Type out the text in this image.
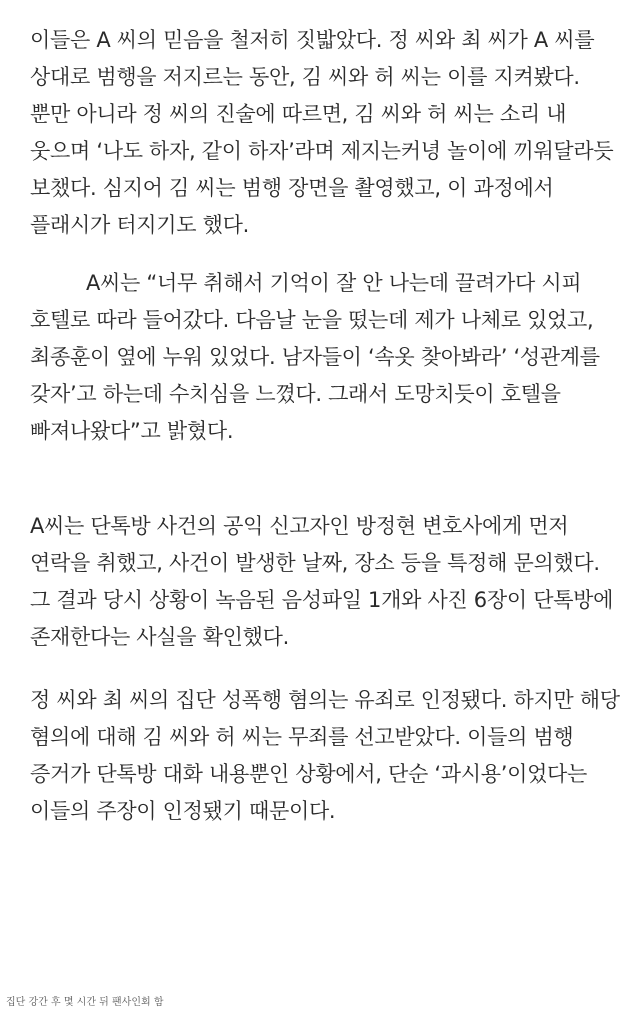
이들은 A 씨의 믿음을 철저히 짓밟았다. 정 씨와 최 씨가 A 씨를 상대로 범행을 저지르는 동안, 김 씨와 허 씨는 이를 지켜봤다. 뿐만 아니라 정 씨의 진술에 따르면, 김 씨와 허 씨는 소리 내 웃으며 ‘나도 하자, 같이 하자’라며 제지는커녕 놀이에 끼워달라듯 보챘다. 심지어 김 씨는 범행 장면을 촬영했고, 이 과정에서 플래시가 터지기도 했다.

A씨는 “너무 취해서 기억이 잘 안 나는데 끌려가다 시피 호텔로 따라 들어갔다. 다음날 눈을 떴는데 제가 나체로 있었고, 최종훈이 옆에 누워 있었다. 남자들이 ‘속옷 찾아봐라’ ‘성관계를 갖자’고 하는데 수치심을 느꼈다. 그래서 도망치듯이 호텔을 빠져나왔다”고 밝혔다.

A씨는 단톡방 사건의 공익 신고자인 방정현 변호사에게 먼저 연락을 취했고, 사건이 발생한 날짜, 장소 등을 특정해 문의했다. 그 결과 당시 상황이 녹음된 음성파일 1개와 사진 6장이 단톡방에 존재한다는 사실을 확인했다.

정 씨와 최 씨의 집단 성폭행 혐의는 유죄로 인정됐다. 하지만 해당 혐의에 대해 김 씨와 허 씨는 무죄를 선고받았다. 이들의 범행 증거가 단톡방 대화 내용뿐인 상황에서, 단순 ‘과시용’이었다는 이들의 주장이 인정됐기 때문이다.

집단 강간 후 몇 시간 뒤 팬사인회 함
